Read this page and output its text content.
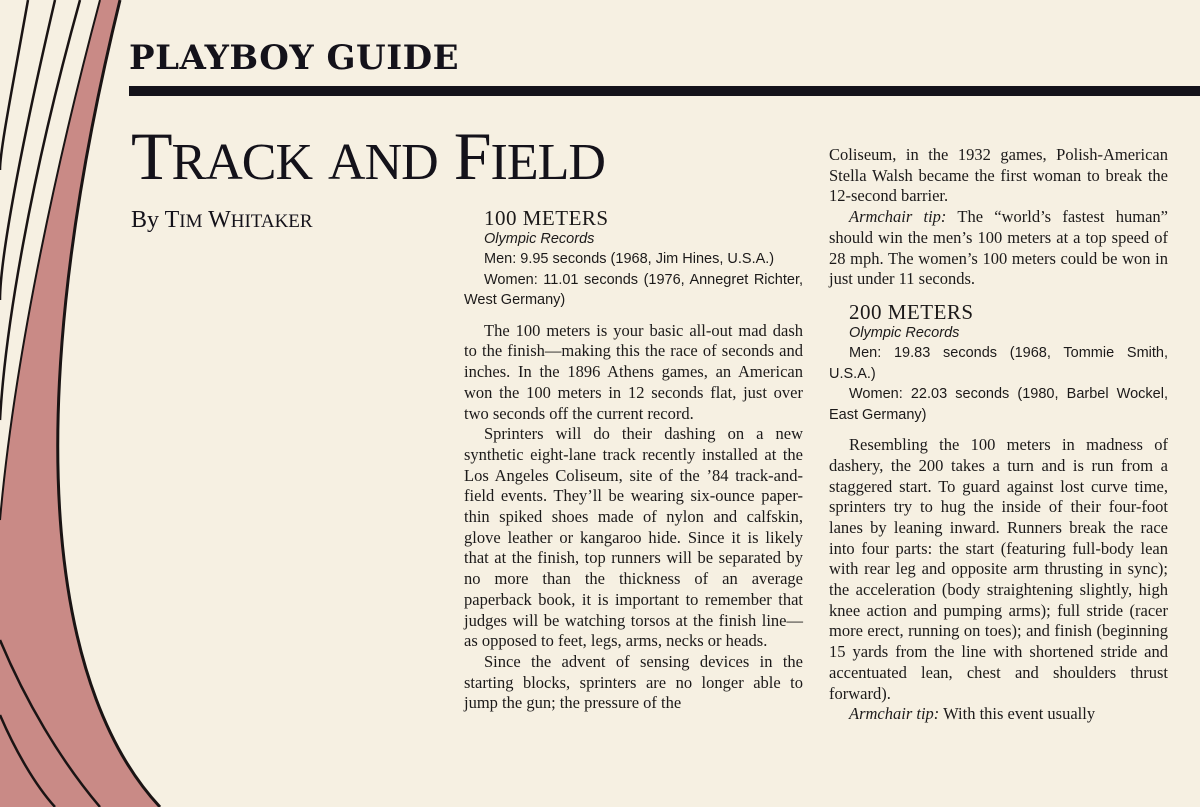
PLAYBOY GUIDE
TRACK AND FIELD
By TIM WHITAKER	100 METERS

Olympic Records

Men: 9.95 seconds (1968, Jim Hines, U.S.A.)

Women: 11.01 seconds (1976, Annegret Richter, West Germany)

The 100 meters is your basic all-out mad dash to the finish—making this the race of seconds and inches. In the 1896 Athens games, an American won the 100 meters in 12 seconds flat, just over two seconds off the current record.

Sprinters will do their dashing on a new synthetic eight-lane track recently installed at the Los Angeles Coliseum, site of the ’84 track-and-field events. They’ll be wearing six-ounce paper-thin spiked shoes made of nylon and calfskin, glove leather or kangaroo hide. Since it is likely that at the finish, top runners will be separated by no more than the thickness of an average paperback book, it is important to remember that judges will be watching torsos at the finish line—as opposed to feet, legs, arms, necks or heads.

Since the advent of sensing devices in the starting blocks, sprinters are no longer able to jump the gun; the pressure of the

Coliseum, in the 1932 games, Polish-American Stella Walsh became the first woman to break the 12-second barrier.

Armchair tip: The “world’s fastest human” should win the men’s 100 meters at a top speed of 28 mph. The women’s 100 meters could be won in just under 11 seconds.

200 METERS

Olympic Records

Men: 19.83 seconds (1968, Tommie Smith, U.S.A.)

Women: 22.03 seconds (1980, Barbel Wockel, East Germany)

Resembling the 100 meters in madness of dashery, the 200 takes a turn and is run from a staggered start. To guard against lost curve time, sprinters try to hug the inside of their four-foot lanes by leaning inward. Runners break the race into four parts: the start (featuring full-body lean with rear leg and opposite arm thrusting in sync); the acceleration (body straightening slightly, high knee action and pumping arms); full stride (racer more erect, running on toes); and finish (beginning 15 yards from the line with shortened stride and accentuated lean, chest and shoulders thrust forward).

Armchair tip: With this event usually
